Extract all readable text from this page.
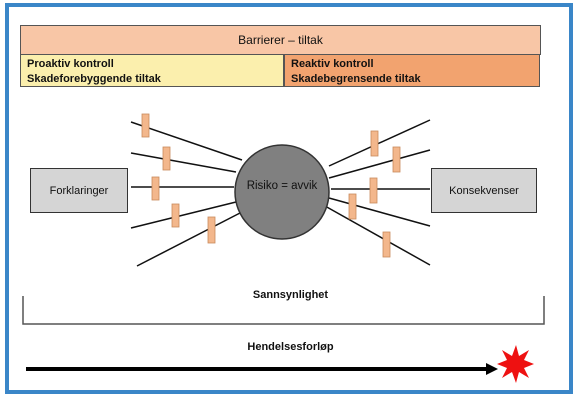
Barrierer – tiltak
Proaktiv kontroll
Skadeforebyggende tiltak
Reaktiv kontroll
Skadebegrensende tiltak
Forklaringer	Konsekvenser
Risiko = avvik
Sannsynlighet
Hendelsesforløp
